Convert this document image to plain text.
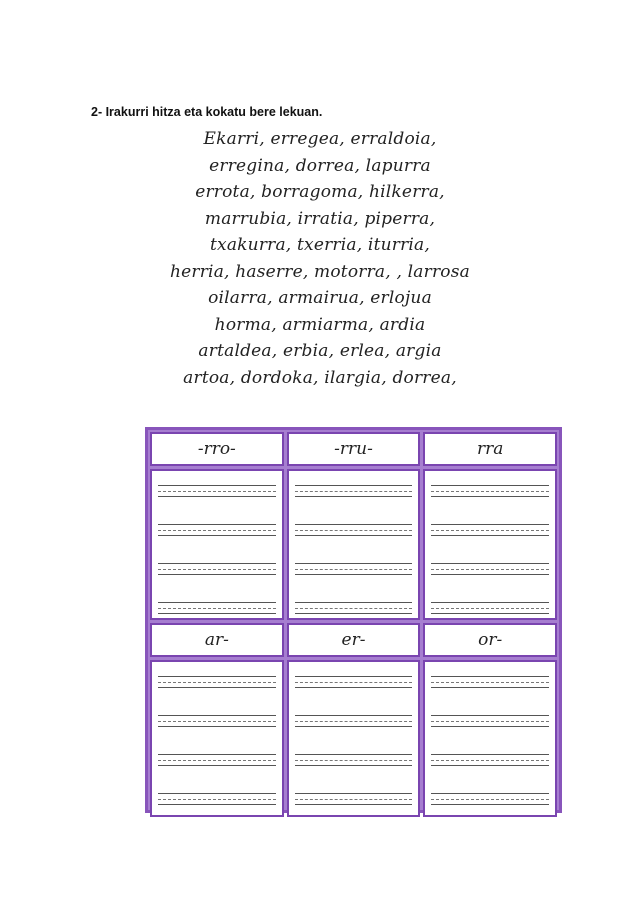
2- Irakurri hitza eta kokatu bere lekuan.
Ekarri, erregea, erraldoia,
erregina, dorrea, lapurra
errota, borragoma, hilkerra,
marrubia, irratia, piperra,
txakurra, txerria, iturria,
herria, haserre, motorra, , larrosa
oilarra, armairua, erlojua
horma, armiarma, ardia
artaldea, erbia, erlea, argia
artoa, dordoka, ilargia, dorrea,
-rro-	-rru-	rra
ar-	er-	or-
